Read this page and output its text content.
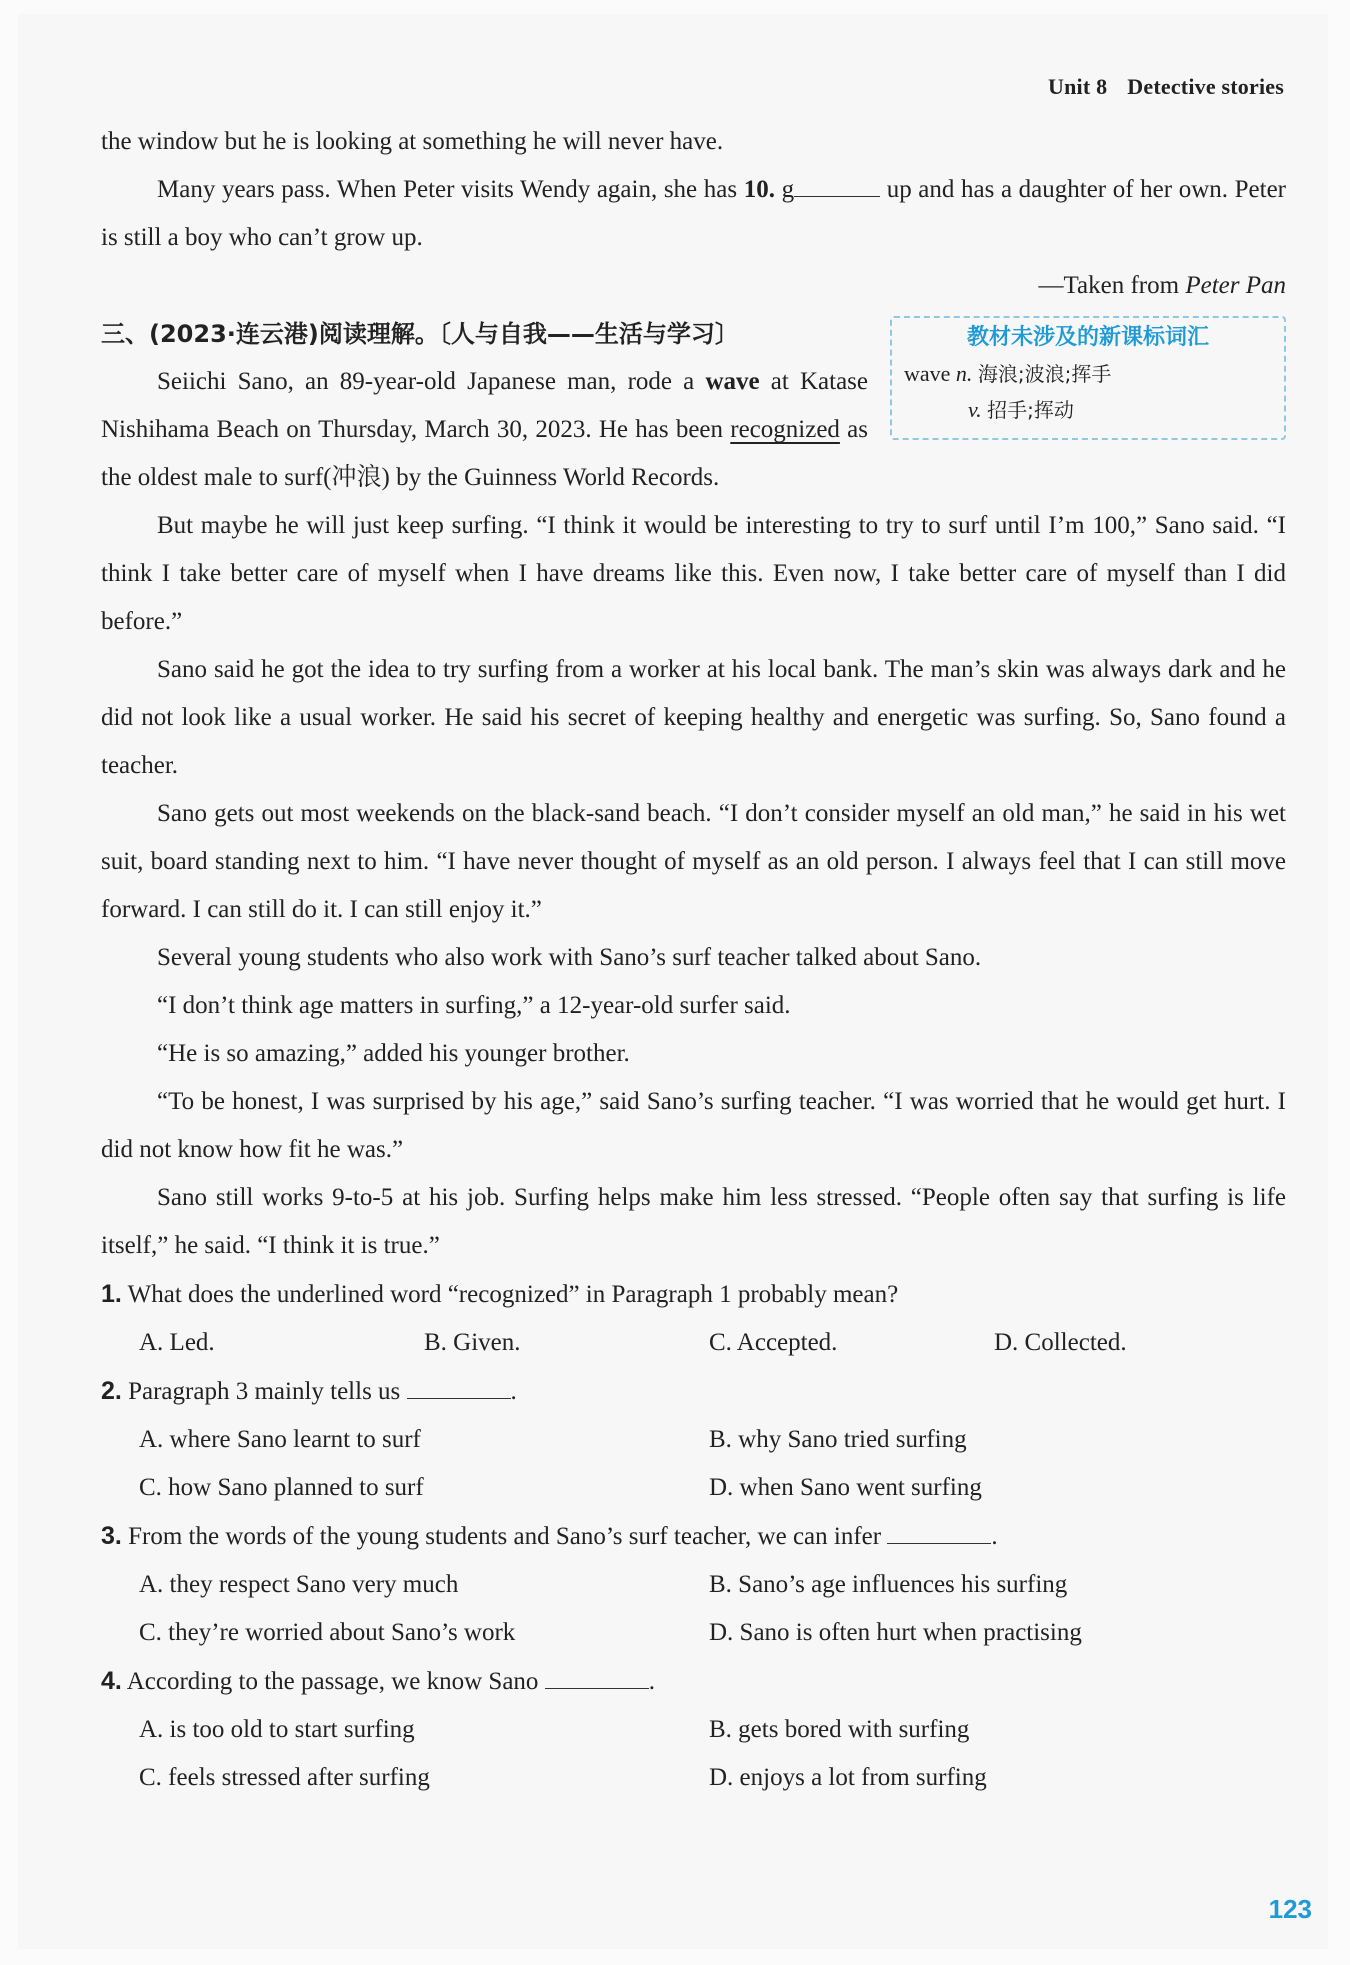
Unit 8 Detective stories

the window but he is looking at something he will never have.

Many years pass. When Peter visits Wendy again, she has 10. g	up and has a daughter of her own. Peter is still a boy who can’t grow up.

—Taken from Peter Pan

教材未涉及的新课标词汇
wave n. 海浪;波浪;挥手
v. 招手;挥动

三、(2023·连云港)阅读理解。〔人与自我——生活与学习〕

Seiichi Sano, an 89-year-old Japanese man, rode a wave at Katase Nishihama Beach on Thursday, March 30, 2023. He has been recognized as the oldest male to surf(冲浪) by the Guinness World Records.

But maybe he will just keep surfing. “I think it would be interesting to try to surf until I’m 100,” Sano said. “I think I take better care of myself when I have dreams like this. Even now, I take better care of myself than I did before.”

Sano said he got the idea to try surfing from a worker at his local bank. The man’s skin was always dark and he did not look like a usual worker. He said his secret of keeping healthy and energetic was surfing. So, Sano found a teacher.

Sano gets out most weekends on the black-sand beach. “I don’t consider myself an old man,” he said in his wet suit, board standing next to him. “I have never thought of myself as an old person. I always feel that I can still move forward. I can still do it. I can still enjoy it.”

Several young students who also work with Sano’s surf teacher talked about Sano.

“I don’t think age matters in surfing,” a 12-year-old surfer said.

“He is so amazing,” added his younger brother.

“To be honest, I was surprised by his age,” said Sano’s surfing teacher. “I was worried that he would get hurt. I did not know how fit he was.”

Sano still works 9-to-5 at his job. Surfing helps make him less stressed. “People often say that surfing is life itself,” he said. “I think it is true.”

1. What does the underlined word “recognized” in Paragraph 1 probably mean?

A. Led.	B. Given.	C. Accepted.	D. Collected.

2. Paragraph 3 mainly tells us	.

A. where Sano learnt to surf	B. why Sano tried surfing
C. how Sano planned to surf	D. when Sano went surfing

3. From the words of the young students and Sano’s surf teacher, we can infer	.

A. they respect Sano very much	B. Sano’s age influences his surfing
C. they’re worried about Sano’s work	D. Sano is often hurt when practising

4. According to the passage, we know Sano	.

A. is too old to start surfing	B. gets bored with surfing
C. feels stressed after surfing	D. enjoys a lot from surfing
123
